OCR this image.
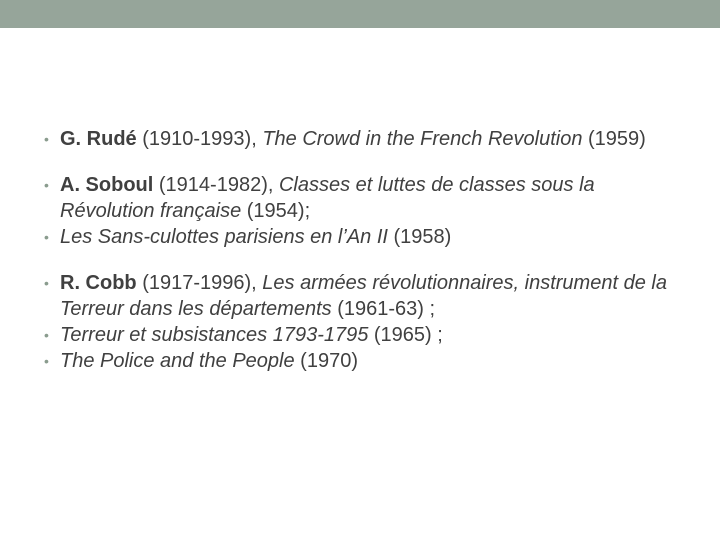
• G. Rudé (1910-1993), The Crowd in the French Revolution (1959)
• A. Soboul (1914-1982), Classes et luttes de classes sous la Révolution française (1954);
• Les Sans-culottes parisiens en l’An II (1958)
• R. Cobb (1917-1996), Les armées révolutionnaires, instrument de la Terreur dans les départements (1961-63) ;
• Terreur et subsistances 1793-1795 (1965) ;
• The Police and the People (1970)
